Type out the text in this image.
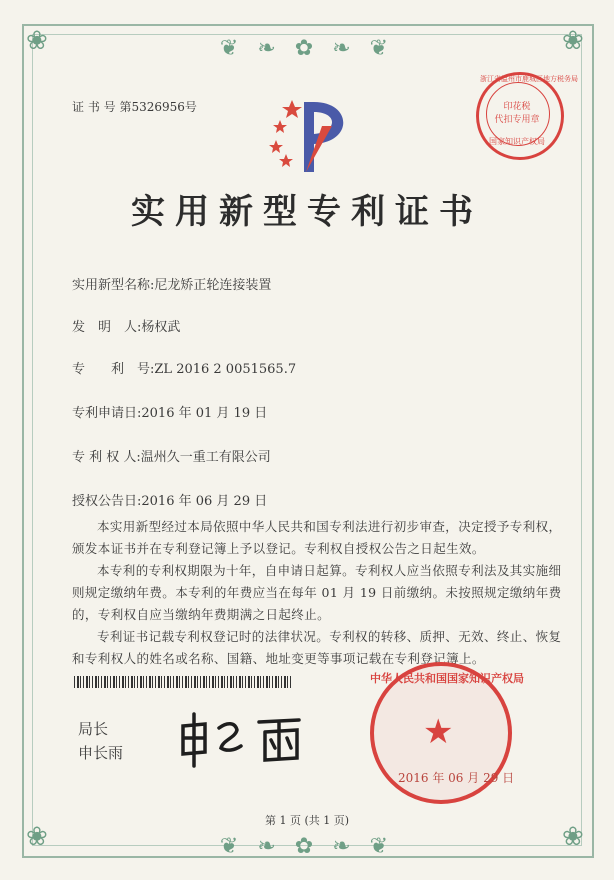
❦ ❧ ✿ ❧ ❦
❦ ❧ ✿ ❧ ❦
❀	❀
❀	❀
证 书 号 第5326956号
实用新型专利证书
实用新型名称:尼龙矫正轮连接装置
发　明　人:杨权武
专　　利　号:ZL 2016 2 0051565.7
专利申请日:2016 年 01 月 19 日
专 利 权 人:温州久一重工有限公司
授权公告日:2016 年 06 月 29 日
本实用新型经过本局依照中华人民共和国专利法进行初步审查，决定授予专利权，颁发本证书并在专利登记簿上予以登记。专利权自授权公告之日起生效。
本专利的专利权期限为十年，自申请日起算。专利权人应当依照专利法及其实施细则规定缴纳年费。本专利的年费应当在每年 01 月 19 日前缴纳。未按照规定缴纳年费的，专利权自应当缴纳年费期满之日起终止。
专利证书记载专利权登记时的法律状况。专利权的转移、质押、无效、终止、恢复和专利权人的姓名或名称、国籍、地址变更等事项记载在专利登记簿上。
局长
申长雨
浙江省温州市鹿城区地方税务局
印花税
代扣专用章
国家知识产权局
中华人民共和国国家知识产权局
★
2016 年 06 月 29 日
第 1 页 (共 1 页)
